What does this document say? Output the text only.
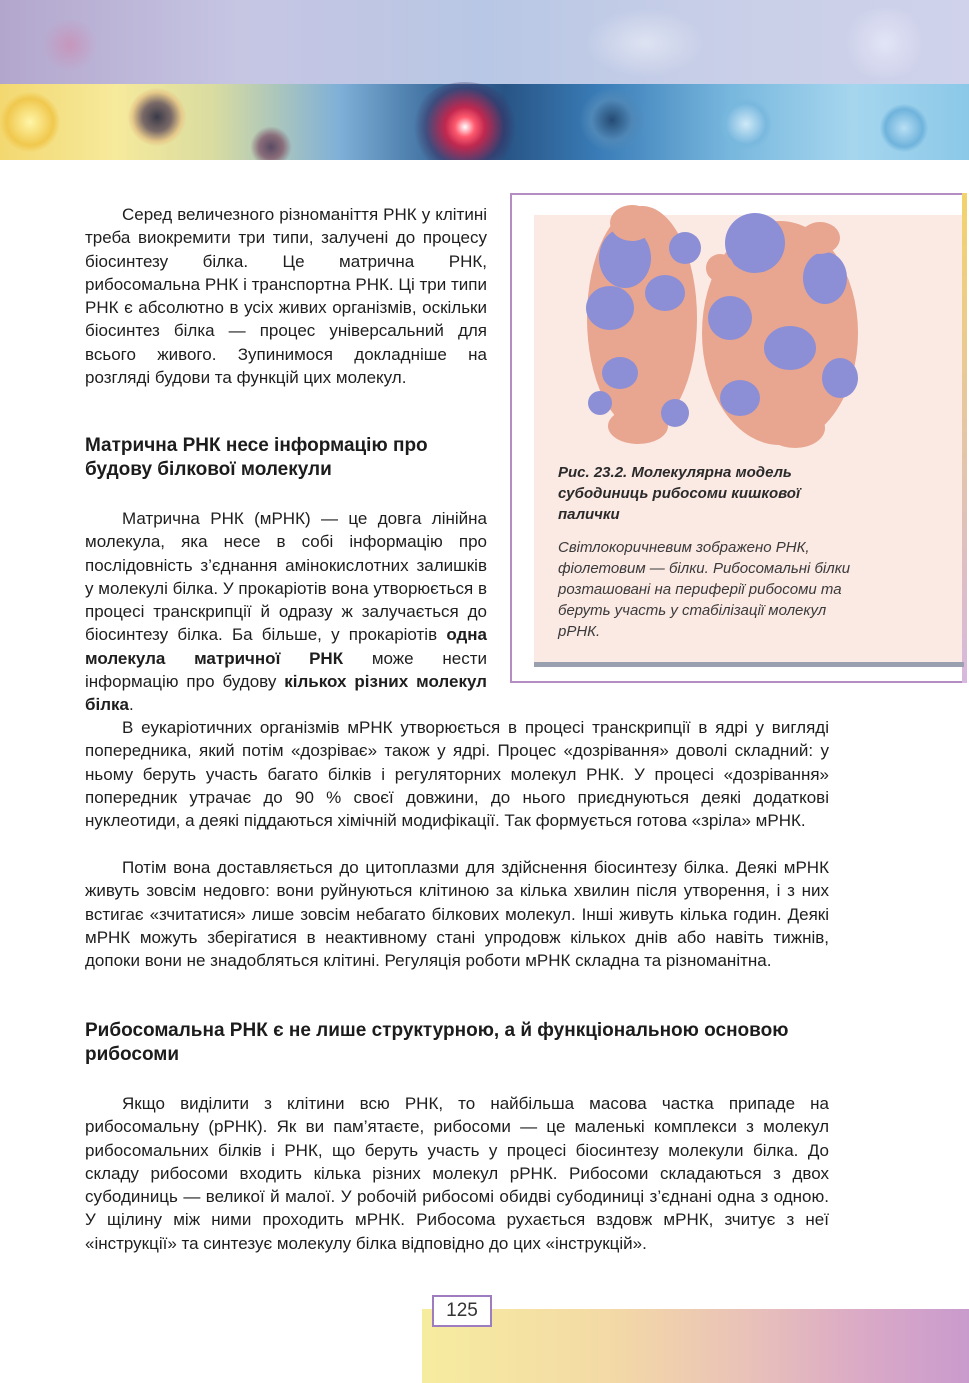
Серед величезного різноманіття РНК у клітині треба виокремити три типи, залучені до процесу біосинтезу білка. Це матрична РНК, рибосомальна РНК і транспортна РНК. Ці три типи РНК є абсолютно в усіх живих організмів, оскільки біосинтез білка — процес універсальний для всього живого. Зупинимося докладніше на розгляді будови та функцій цих молекул.

Матрична РНК несе інформацію про будову білкової молекули

Матрична РНК (мРНК) — це довга лінійна молекула, яка несе в собі інформацію про послідовність з’єднання амінокислотних залишків у молекулі білка. У прокаріотів вона утворюється в процесі транскрипції й одразу ж залучається до біосинтезу білка. Ба більше, у прокаріотів одна молекула матричної РНК може нести інформацію про будову кількох різних молекул білка.

В еукаріотичних організмів мРНК утворюється в процесі транскрипції в ядрі у вигляді попередника, який потім «дозріває» також у ядрі. Процес «дозрівання» доволі складний: у ньому беруть участь багато білків і регуляторних молекул РНК. У процесі «дозрівання» попередник утрачає до 90 % своєї довжини, до нього приєднуються деякі додаткові нуклеотиди, а деякі піддаються хімічній модифікації. Так формується готова «зріла» мРНК.

Потім вона доставляється до цитоплазми для здійснення біосинтезу білка. Деякі мРНК живуть зовсім недовго: вони руйнуються клітиною за кілька хвилин після утворення, і з них встигає «зчитатися» лише зовсім небагато білкових молекул. Інші живуть кілька годин. Деякі мРНК можуть зберігатися в неактивному стані упродовж кількох днів або навіть тижнів, допоки вони не знадобляться клітині. Регуляція роботи мРНК складна та різноманітна.

Рибосомальна РНК є не лише структурною, а й функціональною основою рибосоми

Якщо виділити з клітини всю РНК, то найбільша масова частка припаде на рибосомальну (рРНК). Як ви пам’ятаєте, рибосоми — це маленькі комплекси з молекул рибосомальних білків і РНК, що беруть участь у процесі біосинтезу молекули білка. До складу рибосоми входить кілька різних молекул рРНК. Рибосоми складаються з двох субодиниць — великої й малої. У робочій рибосомі обидві субодиниці з’єднані одна з одною. У щілину між ними проходить мРНК. Рибосома рухається вздовж мРНК, зчитує з неї «інструкції» та синтезує молекулу білка відповідно до цих «інструкцій».

Рис. 23.2. Молекулярна модель субодиниць рибосоми кишкової палички

Світлокоричневим зображено РНК, фіолетовим — білки. Рибосомальні білки розташовані на периферії рибосоми та беруть участь у стабілізації молекул рРНК.

125
